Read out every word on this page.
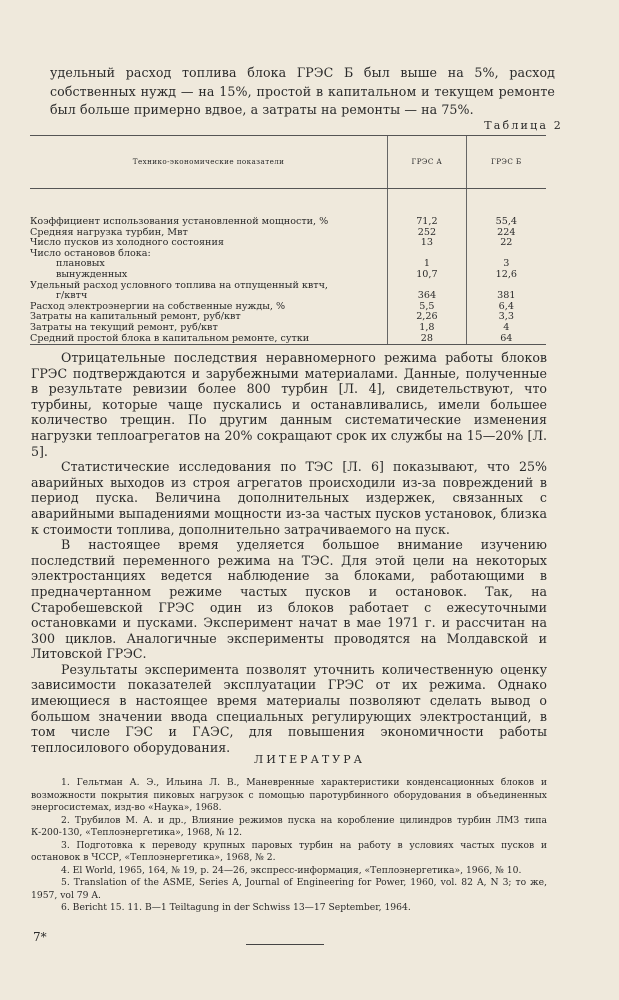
удельный расход топлива блока ГРЭС Б был выше на 5%, расход собственных нужд — на 15%, простой в капитальном и текущем ремонте был больше примерно вдвое, а затраты на ремонты — на 75%.

Таблица 2
Технико-экономические показатели	ГРЭС А	ГРЭС Б

Коэффициент использования установленной мощности, %	71,2	55,4
Средняя нагрузка турбин, Мвт	252	224
Число пусков из холодного состояния	13	22
Число остановов блока:		
плановых	1	3
вынужденных	10,7	12,6
Удельный расход условного топлива на отпущенный квтч,		
г/квтч	364	381
Расход электроэнергии на собственные нужды, %	5,5	6,4
Затраты на капитальный ремонт, руб/квт	2,26	3,3
Затраты на текущий ремонт, руб/квт	1,8	4
Средний простой блока в капитальном ремонте, сутки	28	64

Отрицательные последствия неравномерного режима работы блоков ГРЭС подтверждаются и зарубежными материалами. Данные, полученные в результате ревизии более 800 турбин [Л. 4], свидетельствуют, что турбины, которые чаще пускались и останавливались, имели большее количество трещин. По другим данным систематические изменения нагрузки теплоагрегатов на 20% сокращают срок их службы на 15—20% [Л. 5].

Статистические исследования по ТЭС [Л. 6] показывают, что 25% аварийных выходов из строя агрегатов происходили из-за повреждений в период пуска. Величина дополнительных издержек, связанных с аварийными выпадениями мощности из-за частых пусков установок, близка к стоимости топлива, дополнительно затрачиваемого на пуск.

В настоящее время уделяется большое внимание изучению последствий переменного режима на ТЭС. Для этой цели на некоторых электростанциях ведется наблюдение за блоками, работающими в предначертанном режиме частых пусков и остановок. Так, на Старобешевской ГРЭС один из блоков работает с ежесуточными остановками и пусками. Эксперимент начат в мае 1971 г. и рассчитан на 300 циклов. Аналогичные эксперименты проводятся на Молдавской и Литовской ГРЭС.

Результаты эксперимента позволят уточнить количественную оценку зависимости показателей эксплуатации ГРЭС от их режима. Однако имеющиеся в настоящее время материалы позволяют сделать вывод о большом значении ввода специальных регулирующих электростанций, в том числе ГЭС и ГАЭС, для повышения экономичности работы теплосилового оборудования.

ЛИТЕРАТУРА

1. Гельтман А. Э., Ильина Л. В., Маневренные характеристики конденсационных блоков и возможности покрытия пиковых нагрузок с помощью паротурбинного оборудования в объединенных энергосистемах, изд-во «Наука», 1968.

2. Трубилов М. А. и др., Влияние режимов пуска на коробление цилиндров турбин ЛМЗ типа К-200-130, «Теплоэнергетика», 1968, № 12.

3. Подготовка к переводу крупных паровых турбин на работу в условиях частых пусков и остановок в ЧССР, «Теплоэнергетика», 1968, № 2.

4. El World, 1965, 164, № 19, р. 24—26, экспресс-информация, «Теплоэнергетика», 1966, № 10.

5. Translation of the ASME, Series A, Journal of Engineering for Power, 1960, vol. 82 A, N 3; то же, 1957, vol 79 A.

6. Bericht 15. 11. B—1 Teiltagung in der Schwiss 13—17 September, 1964.

7*
